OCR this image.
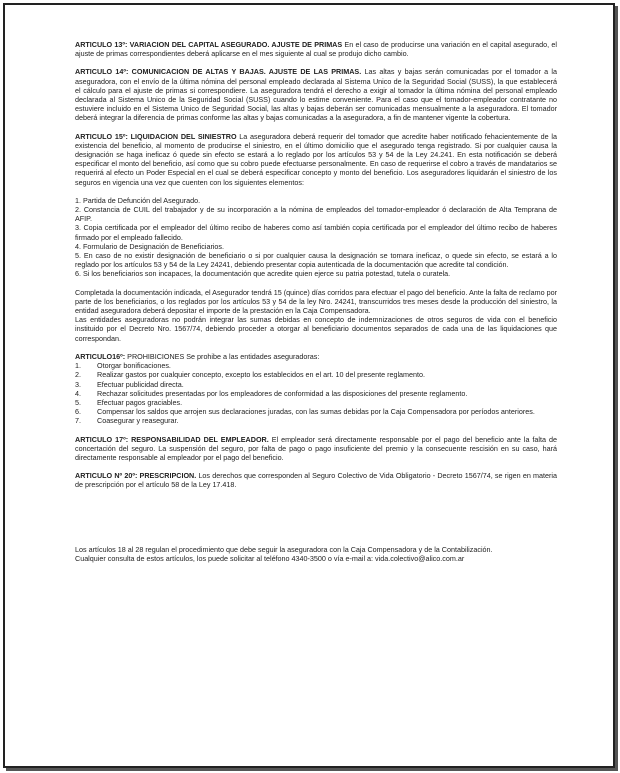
ARTICULO 13º: VARIACION DEL CAPITAL ASEGURADO. AJUSTE DE PRIMAS En el caso de producirse una variación en el capital asegurado, el ajuste de primas correspondientes deberá aplicarse en el mes siguiente al cual se produjo dicho cambio.

ARTICULO 14º: COMUNICACION DE ALTAS Y BAJAS. AJUSTE DE LAS PRIMAS. Las altas y bajas serán comunicadas por el tomador a la aseguradora, con el envío de la última nómina del personal empleado declarada al Sistema Unico de la Seguridad Social (SUSS), la que establecerá el cálculo para el ajuste de primas si correspondiere. La aseguradora tendrá el derecho a exigir al tomador la última nómina del personal empleado declarada al Sistema Unico de la Seguridad Social (SUSS) cuando lo estime conveniente. Para el caso que el tomador-empleador contratante no estuviere incluido en el Sistema Unico de Seguridad Social, las altas y bajas deberán ser comunicadas mensualmente a la aseguradora. El tomador deberá integrar la diferencia de primas conforme las altas y bajas comunicadas a la aseguradora, a fin de mantener vigente la cobertura.

ARTICULO 15º: LIQUIDACION DEL SINIESTRO La aseguradora deberá requerir del tomador que acredite haber notificado fehacientemente de la existencia del beneficio, al momento de producirse el siniestro, en el último domicilio que el asegurado tenga registrado. Si por cualquier causa la designación se haga ineficaz ó quede sin efecto se estará a lo reglado por los artículos 53 y 54 de la Ley 24.241. En esta notificación se deberá especificar el monto del beneficio, así como que su cobro puede efectuarse personalmente. En caso de requerirse el cobro a través de mandatarios se requerirá al efecto un Poder Especial en el cual se deberá especificar concepto y monto del beneficio. Los aseguradores liquidarán el siniestro de los seguros en vigencia una vez que cuenten con los siguientes elementos:

1. Partida de Defunción del Asegurado.
2. Constancia de CUIL del trabajador y de su incorporación a la nómina de empleados del tomador-empleador ó declaración de Alta Temprana de AFIP.
3. Copia certificada por el empleador del último recibo de haberes como así también copia certificada por el empleador del último recibo de haberes firmado por el empleado fallecido.
4. Formulario de Designación de Beneficiarios.
5. En caso de no existir designación de beneficiario o si por cualquier causa la designación se tornara ineficaz, o quede sin efecto, se estará a lo reglado por los artículos 53 y 54 de la Ley 24241, debiendo presentar copia autenticada de la documentación que acredite tal condición.
6. Si los beneficiarios son incapaces, la documentación que acredite quien ejerce su patria potestad, tutela o curatela.

Completada la documentación indicada, el Asegurador tendrá 15 (quince) días corridos para efectuar el pago del beneficio. Ante la falta de reclamo por parte de los beneficiarios, o los reglados por los artículos 53 y 54 de la ley Nro. 24241, transcurridos tres meses desde la producción del siniestro, la entidad aseguradora deberá depositar el importe de la prestación en la Caja Compensadora.

Las entidades aseguradoras no podrán integrar las sumas debidas en concepto de indemnizaciones de otros seguros de vida con el beneficio instituido por el Decreto Nro. 1567/74, debiendo proceder a otorgar al beneficiario documentos separados de cada una de las liquidaciones que correspondan.

ARTICULO16º: PROHIBICIONES Se prohibe a las entidades aseguradoras:

1.	Otorgar bonificaciones.
2.	Realizar gastos por cualquier concepto, excepto los establecidos en el art. 10 del presente reglamento.
3.	Efectuar publicidad directa.
4.	Rechazar solicitudes presentadas por los empleadores de conformidad a las disposiciones del presente reglamento.
5.	Efectuar pagos graciables.
6.	Compensar los saldos que arrojen sus declaraciones juradas, con las sumas debidas por la Caja Compensadora por períodos anteriores.
7.	Coasegurar y reasegurar.

ARTICULO 17º: RESPONSABILIDAD DEL EMPLEADOR. El empleador será directamente responsable por el pago del beneficio ante la falta de concertación del seguro. La suspensión del seguro, por falta de pago o pago insuficiente del premio y la consecuente rescisión en su caso, hará directamente responsable al empleador por el pago del beneficio.

ARTICULO Nº 20º: PRESCRIPCION. Los derechos que corresponden al Seguro Colectivo de Vida Obligatorio - Decreto 1567/74, se rigen en materia de prescripción por el artículo 58 de la Ley 17.418.

Los artículos 18 al 28 regulan el procedimiento que debe seguir la aseguradora con la Caja Compensadora y de la Contabilización.

Cualquier consulta de estos artículos, los puede solicitar al teléfono 4340-3500 o vía e-mail a: vida.colectivo@alico.com.ar
